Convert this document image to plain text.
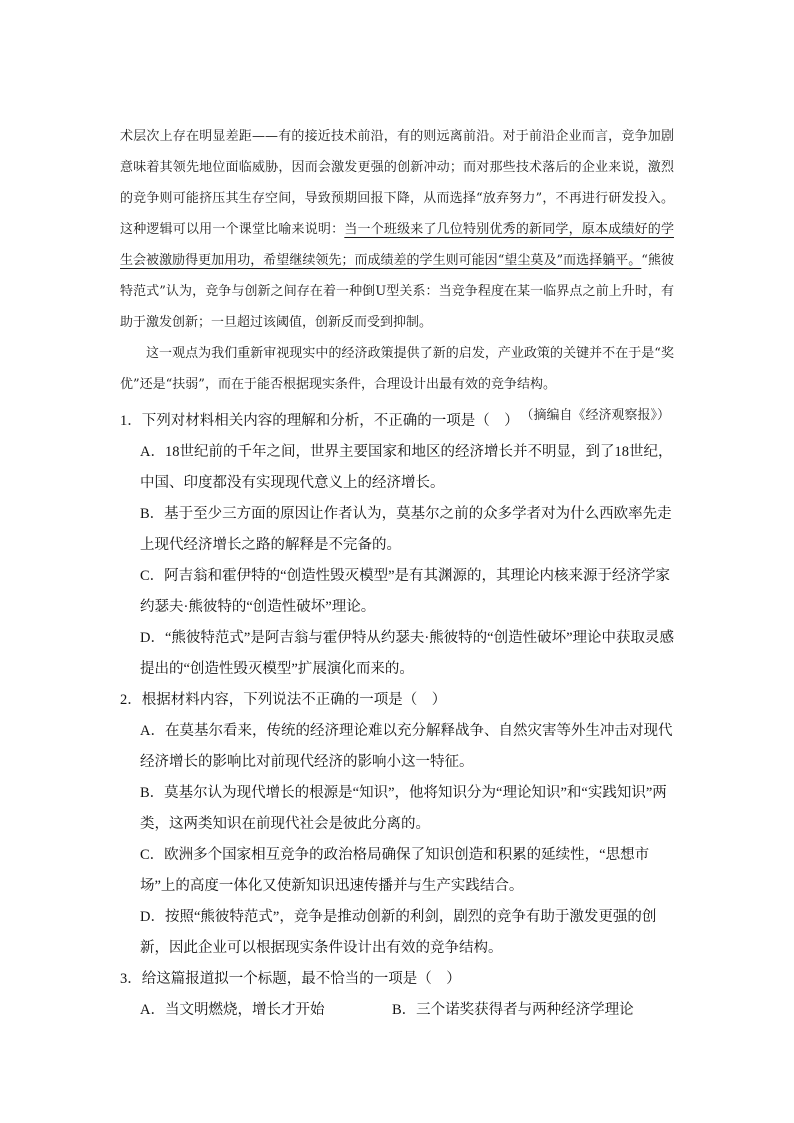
术层次上存在明显差距——有的接近技术前沿，有的则远离前沿。对于前沿企业而言，竞争加剧意味着其领先地位面临威胁，因而会激发更强的创新冲动；而对那些技术落后的企业来说，激烈的竞争则可能挤压其生存空间，导致预期回报下降，从而选择“放弃努力”，不再进行研发投入。这种逻辑可以用一个课堂比喻来说明：当一个班级来了几位特别优秀的新同学，原本成绩好的学生会被激励得更加用功，希望继续领先；而成绩差的学生则可能因“望尘莫及”而选择躺平。“熊彼特范式”认为，竞争与创新之间存在着一种倒U型关系：当竞争程度在某一临界点之前上升时，有助于激发创新；一旦超过该阈值，创新反而受到抑制。

这一观点为我们重新审视现实中的经济政策提供了新的启发，产业政策的关键并不在于是“奖优”还是“扶弱”，而在于能否根据现实条件，合理设计出最有效的竞争结构。

（摘编自《经济观察报》）

1．下列对材料相关内容的理解和分析，不正确的一项是（　）

A．18世纪前的千年之间，世界主要国家和地区的经济增长并不明显，到了18世纪，中国、印度都没有实现现代意义上的经济增长。

B．基于至少三方面的原因让作者认为，莫基尔之前的众多学者对为什么西欧率先走上现代经济增长之路的解释是不完备的。

C．阿吉翁和霍伊特的“创造性毁灭模型”是有其渊源的，其理论内核来源于经济学家约瑟夫·熊彼特的“创造性破坏”理论。

D．“熊彼特范式”是阿吉翁与霍伊特从约瑟夫·熊彼特的“创造性破坏”理论中获取灵感提出的“创造性毁灭模型”扩展演化而来的。

2．根据材料内容，下列说法不正确的一项是（　）

A．在莫基尔看来，传统的经济理论难以充分解释战争、自然灾害等外生冲击对现代经济增长的影响比对前现代经济的影响小这一特征。

B．莫基尔认为现代增长的根源是“知识”，他将知识分为“理论知识”和“实践知识”两类，这两类知识在前现代社会是彼此分离的。

C．欧洲多个国家相互竞争的政治格局确保了知识创造和积累的延续性，“思想市场”上的高度一体化又使新知识迅速传播并与生产实践结合。

D．按照“熊彼特范式”，竞争是推动创新的利剑，剧烈的竞争有助于激发更强的创新，因此企业可以根据现实条件设计出有效的竞争结构。

3．给这篇报道拟一个标题，最不恰当的一项是（　）

A．当文明燃烧，增长才开始	B．三个诺奖获得者与两种经济学理论
